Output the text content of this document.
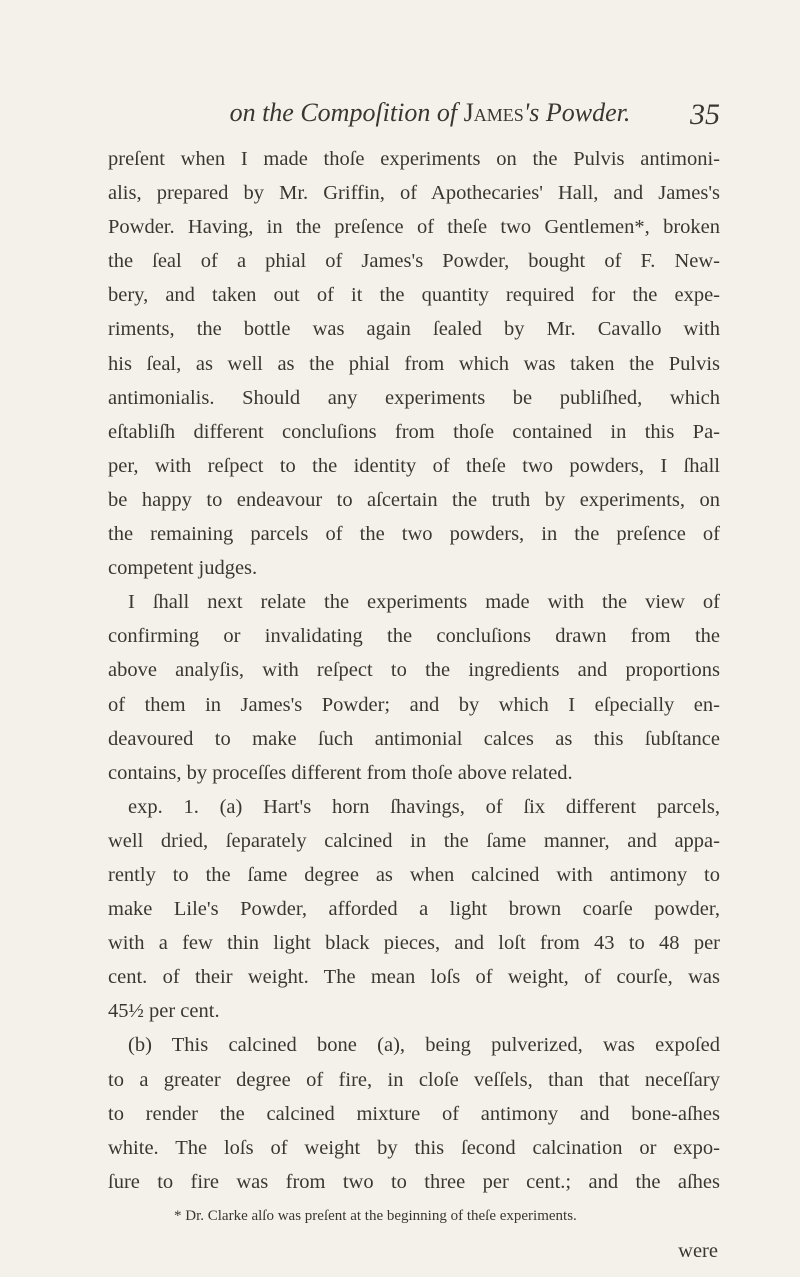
on the Compoſition of James's Powder.	35
preſent when I made thoſe experiments on the Pulvis antimoni-
alis, prepared by Mr. Griffin, of Apothecaries' Hall, and James's
Powder. Having, in the preſence of theſe two Gentlemen*, broken
the ſeal of a phial of James's Powder, bought of F. New-
bery, and taken out of it the quantity required for the expe-
riments, the bottle was again ſealed by Mr. Cavallo with
his ſeal, as well as the phial from which was taken the Pulvis
antimonialis. Should any experiments be publiſhed, which
eſtabliſh different concluſions from thoſe contained in this Pa-
per, with reſpect to the identity of theſe two powders, I ſhall
be happy to endeavour to aſcertain the truth by experiments, on
the remaining parcels of the two powders, in the preſence of
competent judges.
I ſhall next relate the experiments made with the view of
confirming or invalidating the concluſions drawn from the
above analyſis, with reſpect to the ingredients and proportions
of them in James's Powder; and by which I eſpecially en-
deavoured to make ſuch antimonial calces as this ſubſtance
contains, by proceſſes different from thoſe above related.
exp. 1. (a) Hart's horn ſhavings, of ſix different parcels,
well dried, ſeparately calcined in the ſame manner, and appa-
rently to the ſame degree as when calcined with antimony to
make Lile's Powder, afforded a light brown coarſe powder,
with a few thin light black pieces, and loſt from 43 to 48 per
cent. of their weight. The mean loſs of weight, of courſe, was
45½ per cent.
(b) This calcined bone (a), being pulverized, was expoſed
to a greater degree of fire, in cloſe veſſels, than that neceſſary
to render the calcined mixture of antimony and bone-aſhes
white. The loſs of weight by this ſecond calcination or expo-
ſure to fire was from two to three per cent.; and the aſhes
* Dr. Clarke alſo was preſent at the beginning of theſe experiments.
were
